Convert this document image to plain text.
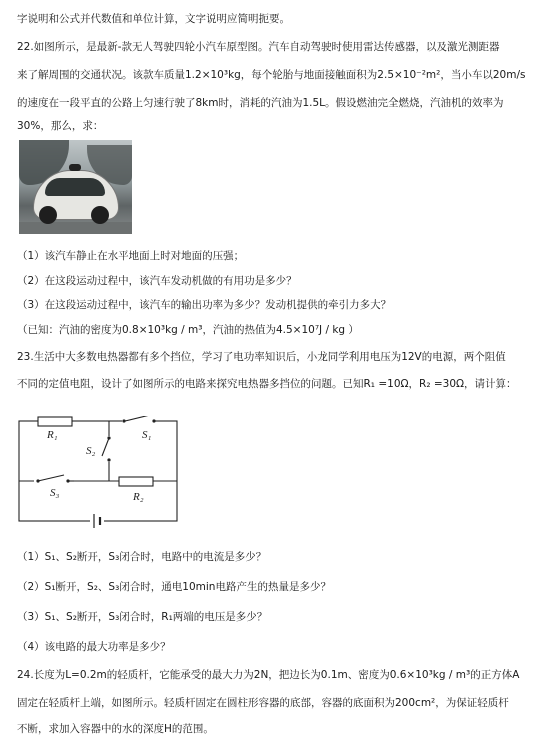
字说明和公式并代数值和单位计算，文字说明应简明扼要。
22.如图所示，是最新-款无人驾驶四轮小汽车原型图。汽车自动驾驶时使用雷达传感器，以及激光测距器
来了解周围的交通状况。该款车质量1.2×10³kg，每个轮胎与地面接触面积为2.5×10⁻²m²，当小车以20m/s
的速度在一段平直的公路上匀速行驶了8km时，消耗的汽油为1.5L。假设燃油完全燃烧，汽油机的效率为
30%，那么，求：
（1）该汽车静止在水平地面上时对地面的压强；
（2）在这段运动过程中，该汽车发动机做的有用功是多少？
（3）在这段运动过程中，该汽车的输出功率为多少？发动机提供的牵引力多大？
（已知：汽油的密度为0.8×10³kg / m³，汽油的热值为4.5×10⁷J / kg ）
23.生活中大多数电热器都有多个挡位，学习了电功率知识后，小龙同学利用电压为12V的电源，两个阻值
不同的定值电阻，设计了如图所示的电路来探究电热器多挡位的问题。已知R₁ =10Ω，R₂ =30Ω，请计算：
R₁
R₂
S₁
S₂
S₃
（1）S₁、S₂断开，S₃闭合时，电路中的电流是多少？
（2）S₁断开，S₂、S₃闭合时，通电10min电路产生的热量是多少？
（3）S₁、S₂断开，S₃闭合时，R₁两端的电压是多少？
（4）该电路的最大功率是多少？
24.长度为L=0.2m的轻质杆，它能承受的最大力为2N，把边长为0.1m、密度为0.6×10³kg / m³的正方体A
固定在轻质杆上端，如图所示。轻质杆固定在圆柱形容器的底部，容器的底面积为200cm²，为保证轻质杆
不断，求加入容器中的水的深度H的范围。
